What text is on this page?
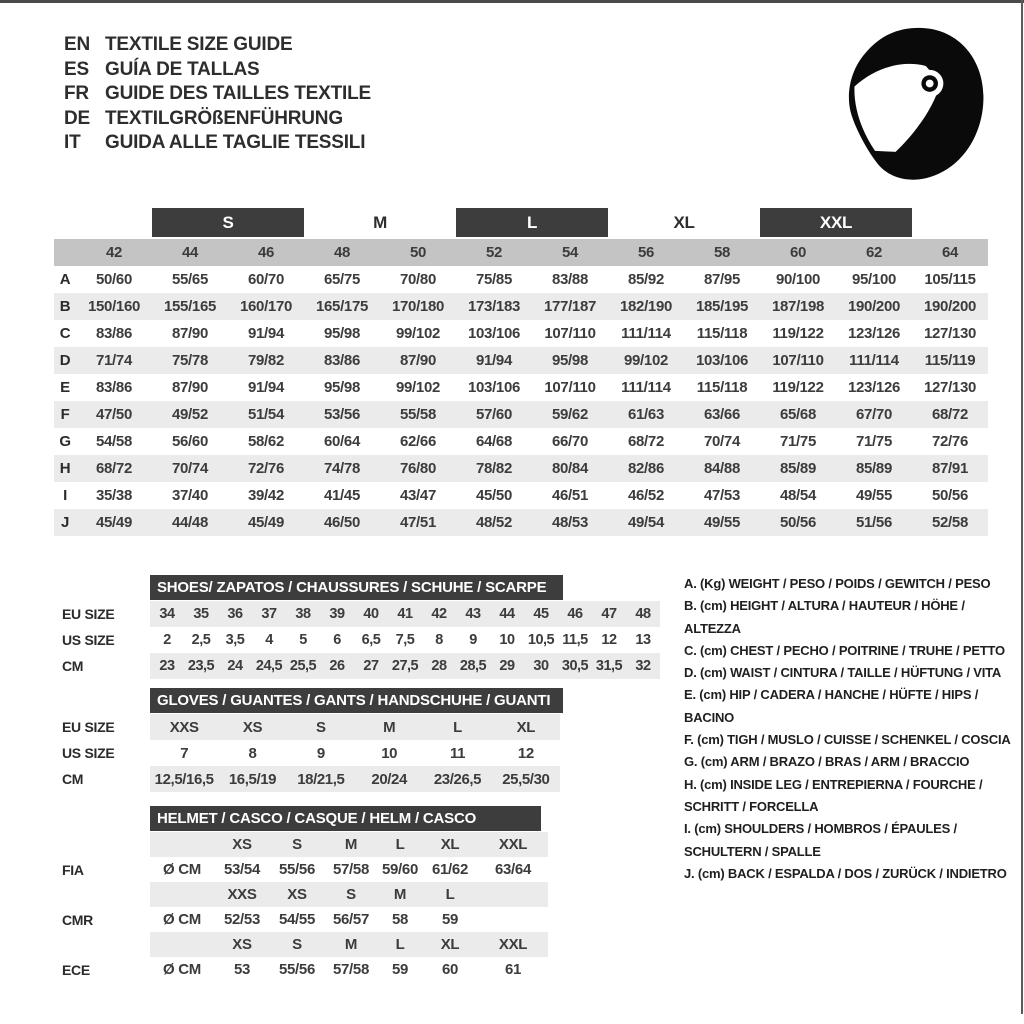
EN TEXTILE SIZE GUIDE
ES GUÍA DE TALLAS
FR GUIDE DES TAILLES TEXTILE
DE TEXTILGRÖßENFÜHRUNG
IT	GUIDA ALLE TAGLIE TESSILI
S	M	L	XL	XXL
42	44	46	48	50	52	54	56	58	60	62	64
A	50/60	55/65	60/70	65/75	70/80	75/85	83/88	85/92	87/95	90/100	95/100	105/115
B	150/160	155/165	160/170	165/175	170/180	173/183	177/187	182/190	185/195	187/198	190/200	190/200
C	83/86	87/90	91/94	95/98	99/102	103/106	107/110	111/114	115/118	119/122	123/126	127/130
D	71/74	75/78	79/82	83/86	87/90	91/94	95/98	99/102	103/106	107/110	111/114	115/119
E	83/86	87/90	91/94	95/98	99/102	103/106	107/110	111/114	115/118	119/122	123/126	127/130
F	47/50	49/52	51/54	53/56	55/58	57/60	59/62	61/63	63/66	65/68	67/70	68/72
G	54/58	56/60	58/62	60/64	62/66	64/68	66/70	68/72	70/74	71/75	71/75	72/76
H	68/72	70/74	72/76	74/78	76/80	78/82	80/84	82/86	84/88	85/89	85/89	87/91
I	35/38	37/40	39/42	41/45	43/47	45/50	46/51	46/52	47/53	48/54	49/55	50/56
J	45/49	44/48	45/49	46/50	47/51	48/52	48/53	49/54	49/55	50/56	51/56	52/58
SHOES/ ZAPATOS / CHAUSSURES / SCHUHE / SCARPE
EU SIZE	34	35	36	37	38	39	40	41	42	43	44	45	46	47	48
US SIZE	2	2,5	3,5	4	5	6	6,5	7,5	8	9	10 10,5 11,5 12	13
CM	23 23,5 24 24,5 25,5 26	27 27,5 28 28,5 29	30 30,5 31,5 32
GLOVES / GUANTES / GANTS / HANDSCHUHE / GUANTI
EU SIZE	XXS	XS	S	M	L	XL
US SIZE	7	8	9	10	11	12
CM	12,5/16,5	16,5/19	18/21,5	20/24	23/26,5	25,5/30
HELMET / CASCO / CASQUE / HELM / CASCO
XS	S	M	L	XL	XXL
FIA	Ø CM	53/54	55/56	57/58 59/60 61/62	63/64
XXS	XS	S	M	L
CMR	Ø CM	52/53	54/55	56/57	58	59
XS	S	M	L	XL	XXL
ECE	Ø CM	53	55/56	57/58	59	60	61
A. (Kg) WEIGHT / PESO / POIDS / GEWITCH / PESO
B. (cm) HEIGHT / ALTURA / HAUTEUR / HÖHE / ALTEZZA
C. (cm) CHEST / PECHO / POITRINE / TRUHE / PETTO
D. (cm) WAIST / CINTURA / TAILLE / HÜFTUNG / VITA
E. (cm) HIP / CADERA / HANCHE / HÜFTE / HIPS / BACINO
F. (cm) TIGH / MUSLO / CUISSE / SCHENKEL / COSCIA
G. (cm) ARM / BRAZO / BRAS / ARM / BRACCIO
H. (cm) INSIDE LEG / ENTREPIERNA / FOURCHE / SCHRITT / FORCELLA
I. (cm) SHOULDERS / HOMBROS / ÉPAULES / SCHULTERN / SPALLE
J. (cm) BACK / ESPALDA / DOS / ZURÜCK / INDIETRO
